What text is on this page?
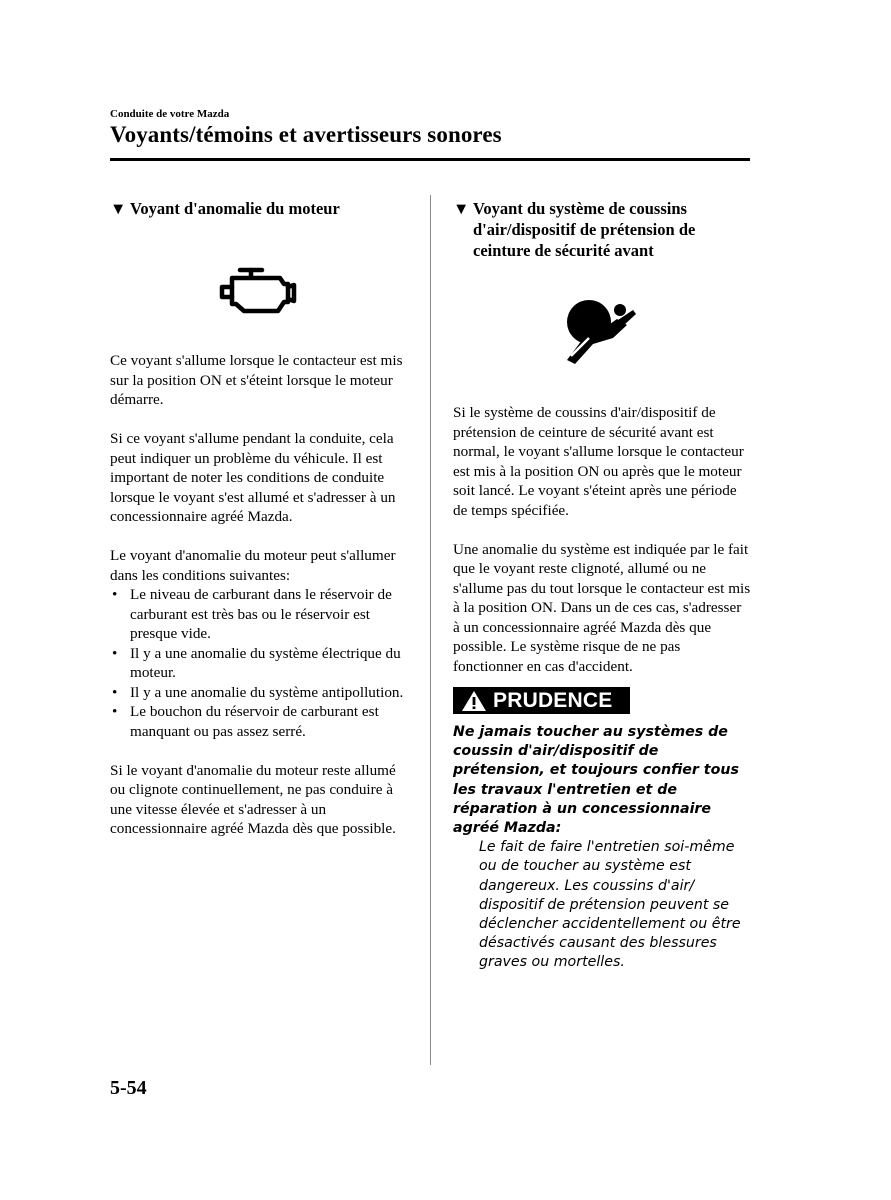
Conduite de votre Mazda
Voyants/témoins et avertisseurs sonores
▼ Voyant d'anomalie du moteur

Ce voyant s'allume lorsque le contacteur est mis sur la position ON et s'éteint lorsque le moteur démarre.

Si ce voyant s'allume pendant la conduite, cela peut indiquer un problème du véhicule. Il est important de noter les conditions de conduite lorsque le voyant s'est allumé et s'adresser à un concessionnaire agréé Mazda.

Le voyant d'anomalie du moteur peut s'allumer dans les conditions suivantes:

• Le niveau de carburant dans le réservoir de carburant est très bas ou le réservoir est presque vide.
• Il y a une anomalie du système électrique du moteur.
• Il y a une anomalie du système antipollution.
• Le bouchon du réservoir de carburant est manquant ou pas assez serré.

Si le voyant d'anomalie du moteur reste allumé ou clignote continuellement, ne pas conduire à une vitesse élevée et s'adresser à un concessionnaire agréé Mazda dès que possible.

▼ Voyant du système de coussins d'air/dispositif de prétension de ceinture de sécurité avant

Si le système de coussins d'air/dispositif de prétension de ceinture de sécurité avant est normal, le voyant s'allume lorsque le contacteur est mis à la position ON ou après que le moteur soit lancé. Le voyant s'éteint après une période de temps spécifiée.

Une anomalie du système est indiquée par le fait que le voyant reste clignoté, allumé ou ne s'allume pas du tout lorsque le contacteur est mis à la position ON. Dans un de ces cas, s'adresser à un concessionnaire agréé Mazda dès que possible. Le système risque de ne pas fonctionner en cas d'accident.

PRUDENCE
Ne jamais toucher au systèmes de coussin d'air/dispositif de prétension, et toujours confier tous les travaux l'entretien et de réparation à un concessionnaire agréé Mazda:
Le fait de faire l'entretien soi-même ou de toucher au système est dangereux. Les coussins d'air/ dispositif de prétension peuvent se déclencher accidentellement ou être désactivés causant des blessures graves ou mortelles.
5-54
